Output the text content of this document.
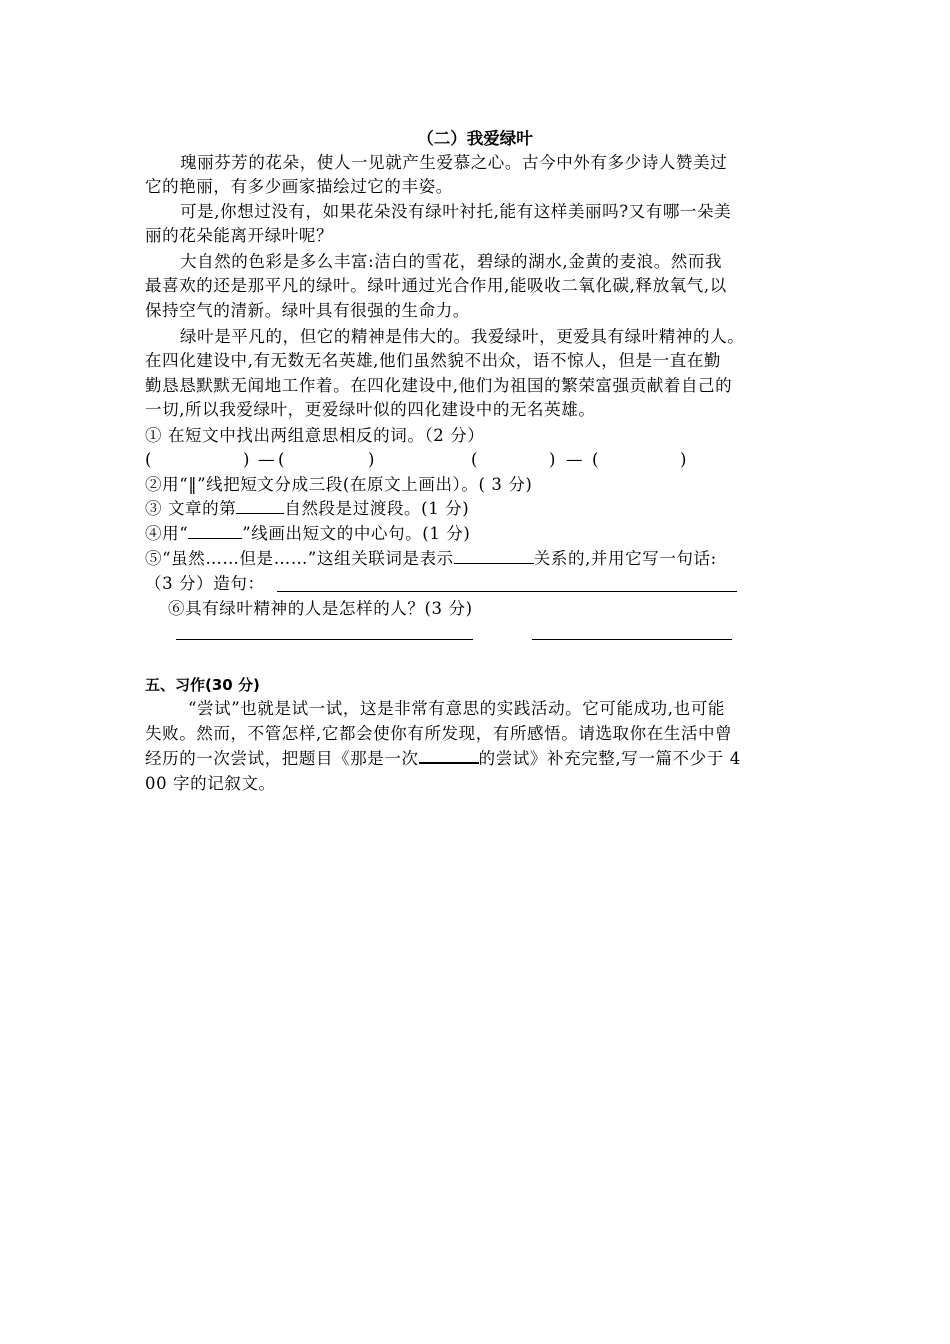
（二）我爱绿叶
瑰丽芬芳的花朵，使人一见就产生爱慕之心。古今中外有多少诗人赞美过
它的艳丽，有多少画家描绘过它的丰姿。
可是,你想过没有，如果花朵没有绿叶衬托,能有这样美丽吗?又有哪一朵美
丽的花朵能离开绿叶呢？
大自然的色彩是多么丰富:洁白的雪花，碧绿的湖水,金黄的麦浪。然而我
最喜欢的还是那平凡的绿叶。绿叶通过光合作用,能吸收二氧化碳,释放氧气,以
保持空气的清新。绿叶具有很强的生命力。
绿叶是平凡的，但它的精神是伟大的。我爱绿叶，更爱具有绿叶精神的人。
在四化建设中,有无数无名英雄,他们虽然貌不出众，语不惊人，但是一直在勤
勤恳恳默默无闻地工作着。在四化建设中,他们为祖国的繁荣富强贡献着自己的
一切,所以我爱绿叶，更爱绿叶似的四化建设中的无名英雄。
① 在短文中找出两组意思相反的词。（2 分）
(	) — (	)	(	) — (	)
②用“‖”线把短文分成三段(在原文上画出）。( 3 分)
③ 文章的第	自然段是过渡段。(1 分)
④用“	”线画出短文的中心句。(1 分)
⑤“虽然……但是……”这组关联词是表示	关系的,并用它写一句话:
（3 分）造句：
⑥具有绿叶精神的人是怎样的人？(3 分)
五、习作(30 分)
“尝试”也就是试一试，这是非常有意思的实践活动。它可能成功,也可能
失败。然而，不管怎样,它都会使你有所发现，有所感悟。请选取你在生活中曾
经历的一次尝试，把题目《那是一次	的尝试》补充完整,写一篇不少于 4
00 字的记叙文。
